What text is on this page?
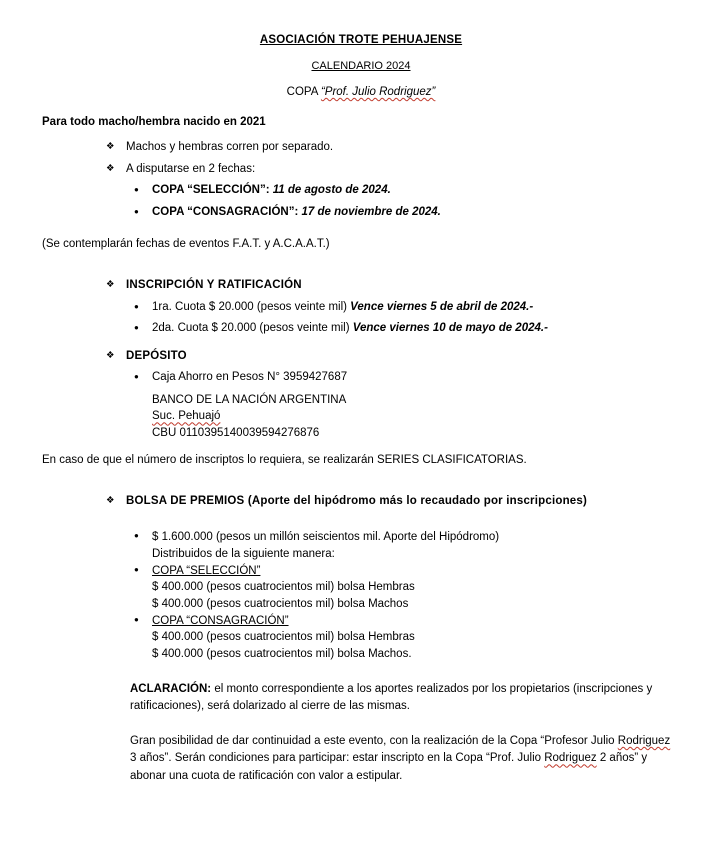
ASOCIACIÓN TROTE PEHUAJENSE
CALENDARIO 2024
COPA “Prof. Julio Rodriguez”
Para todo macho/hembra nacido en 2021
❖ Machos y hembras corren por separado.
❖ A disputarse en 2 fechas:
● COPA “SELECCIÓN”: 11 de agosto de 2024.
● COPA “CONSAGRACIÓN”: 17 de noviembre de 2024.
(Se contemplarán fechas de eventos F.A.T. y A.C.A.A.T.)
❖ INSCRIPCIÓN Y RATIFICACIÓN
● 1ra. Cuota $ 20.000 (pesos veinte mil) Vence viernes 5 de abril de 2024.-
● 2da. Cuota $ 20.000 (pesos veinte mil) Vence viernes 10 de mayo de 2024.-
❖ DEPÓSITO
● Caja Ahorro en Pesos N° 3959427687
BANCO DE LA NACIÓN ARGENTINA
Suc. Pehuajó
CBU 0110395140039594276876
En caso de que el número de inscriptos lo requiera, se realizarán SERIES CLASIFICATORIAS.
❖ BOLSA DE PREMIOS (Aporte del hipódromo más lo recaudado por inscripciones)
● $ 1.600.000 (pesos un millón seiscientos mil. Aporte del Hipódromo)
Distribuidos de la siguiente manera:
● COPA “SELECCIÓN”
$ 400.000 (pesos cuatrocientos mil) bolsa Hembras
$ 400.000 (pesos cuatrocientos mil) bolsa Machos
● COPA “CONSAGRACIÓN”
$ 400.000 (pesos cuatrocientos mil) bolsa Hembras
$ 400.000 (pesos cuatrocientos mil) bolsa Machos.
ACLARACIÓN: el monto correspondiente a los aportes realizados por los propietarios (inscripciones y ratificaciones), será dolarizado al cierre de las mismas.
Gran posibilidad de dar continuidad a este evento, con la realización de la Copa “Profesor Julio Rodriguez 3 años”. Serán condiciones para participar: estar inscripto en la Copa “Prof. Julio Rodriguez 2 años” y abonar una cuota de ratificación con valor a estipular.
